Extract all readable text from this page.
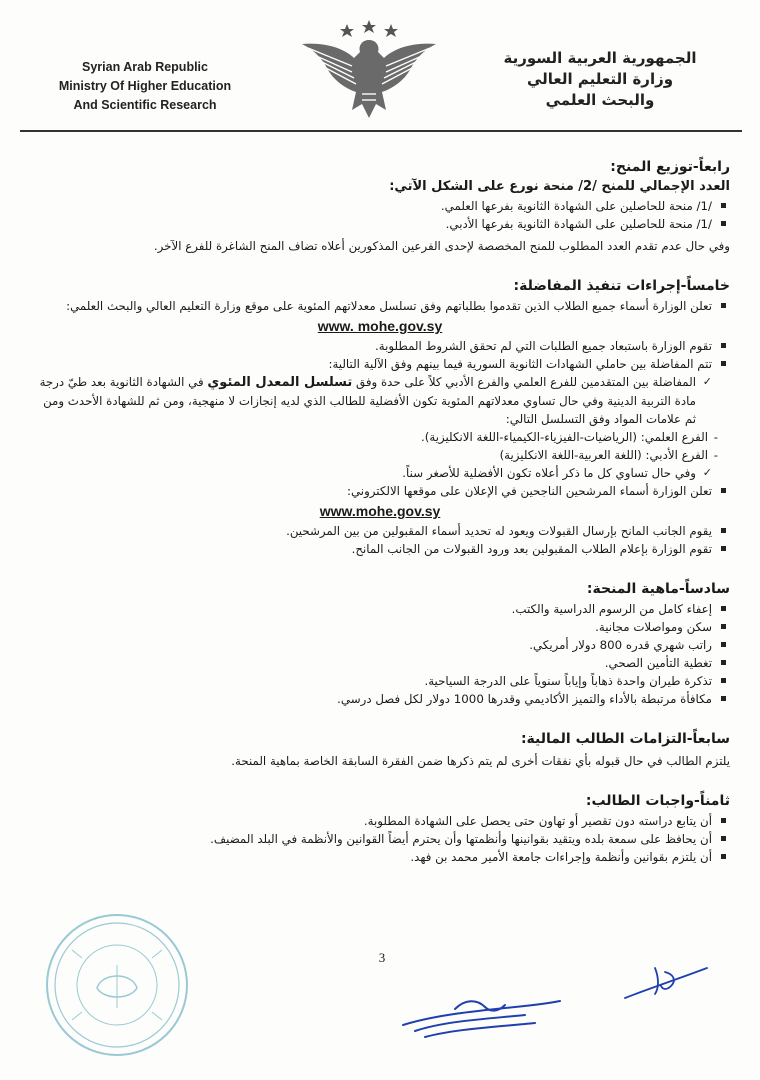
Syrian Arab Republic
Ministry Of Higher Education
And Scientific Research
الجمهورية العربية السورية
وزارة التعليم العالي
والبحث العلمي
رابعاً-توزيع المنح:
العدد الإجمالي للمنح /2/ منحة نورع على الشكل الآتي:
/1/ منحة للحاصلين على الشهادة الثانوية بفرعها العلمي.
/1/ منحة للحاصلين على الشهادة الثانوية بفرعها الأدبي.
وفي حال عدم تقدم العدد المطلوب للمنح المخصصة لإحدى الفرعين المذكورين أعلاه تضاف المنح الشاغرة للفرع الآخر.
خامساً-إجراءات تنفيذ المفاضلة:
تعلن الوزارة أسماء جميع الطلاب الذين تقدموا بطلباتهم وفق تسلسل معدلاتهم المئوية على موقع وزارة التعليم العالي والبحث العلمي:
www. mohe.gov.sy
تقوم الوزارة باستبعاد جميع الطلبات التي لم تحقق الشروط المطلوبة.
تتم المفاضلة بين حاملي الشهادات الثانوية السورية فيما بينهم وفق الآلية التالية:
✓ المفاضلة بين المتقدمين للفرع العلمي والفرع الأدبي كلاً على حدة وفق تسلسل المعدل المئوي في الشهادة الثانوية بعد طيّ درجة مادة التربية الدينية وفي حال تساوي معدلاتهم المئوية تكون الأفضلية للطالب الذي لديه إنجازات لا منهجية، ومن ثم للشهادة الأحدث ومن ثم علامات المواد وفق التسلسل التالي:
- الفرع العلمي: (الرياضيات-الفيزياء-الكيمياء-اللغة الانكليزية).
- الفرع الأدبي: (اللغة العربية-اللغة الانكليزية)
✓ وفي حال تساوي كل ما ذكر أعلاه تكون الأفضلية للأصغر سناً.
تعلن الوزارة أسماء المرشحين الناجحين في الإعلان على موقعها الالكتروني:
www.mohe.gov.sy
يقوم الجانب المانح بإرسال القبولات ويعود له تحديد أسماء المقبولين من بين المرشحين.
تقوم الوزارة بإعلام الطلاب المقبولين بعد ورود القبولات من الجانب المانح.
سادساً-ماهية المنحة:
إعفاء كامل من الرسوم الدراسية والكتب.
سكن ومواصلات مجانية.
راتب شهري قدره 800 دولار أمريكي.
تغطية التأمين الصحي.
تذكرة طيران واحدة ذهاباً وإياباً سنوياً على الدرجة السياحية.
مكافأة مرتبطة بالأداء والتميز الأكاديمي وقدرها 1000 دولار لكل فصل درسي.
سابعاً-التزامات الطالب المالية:
يلتزم الطالب في حال قبوله بأي نفقات أخرى لم يتم ذكرها ضمن الفقرة السابقة الخاصة بماهية المنحة.
ثامناً-واجبات الطالب:
أن يتابع دراسته دون تقصير أو تهاون حتى يحصل على الشهادة المطلوبة.
أن يحافظ على سمعة بلده ويتقيد بقوانينها وأنظمتها وأن يحترم أيضاً القوانين والأنظمة في البلد المضيف.
أن يلتزم بقوانين وأنظمة وإجراءات جامعة الأمير محمد بن فهد.
3
